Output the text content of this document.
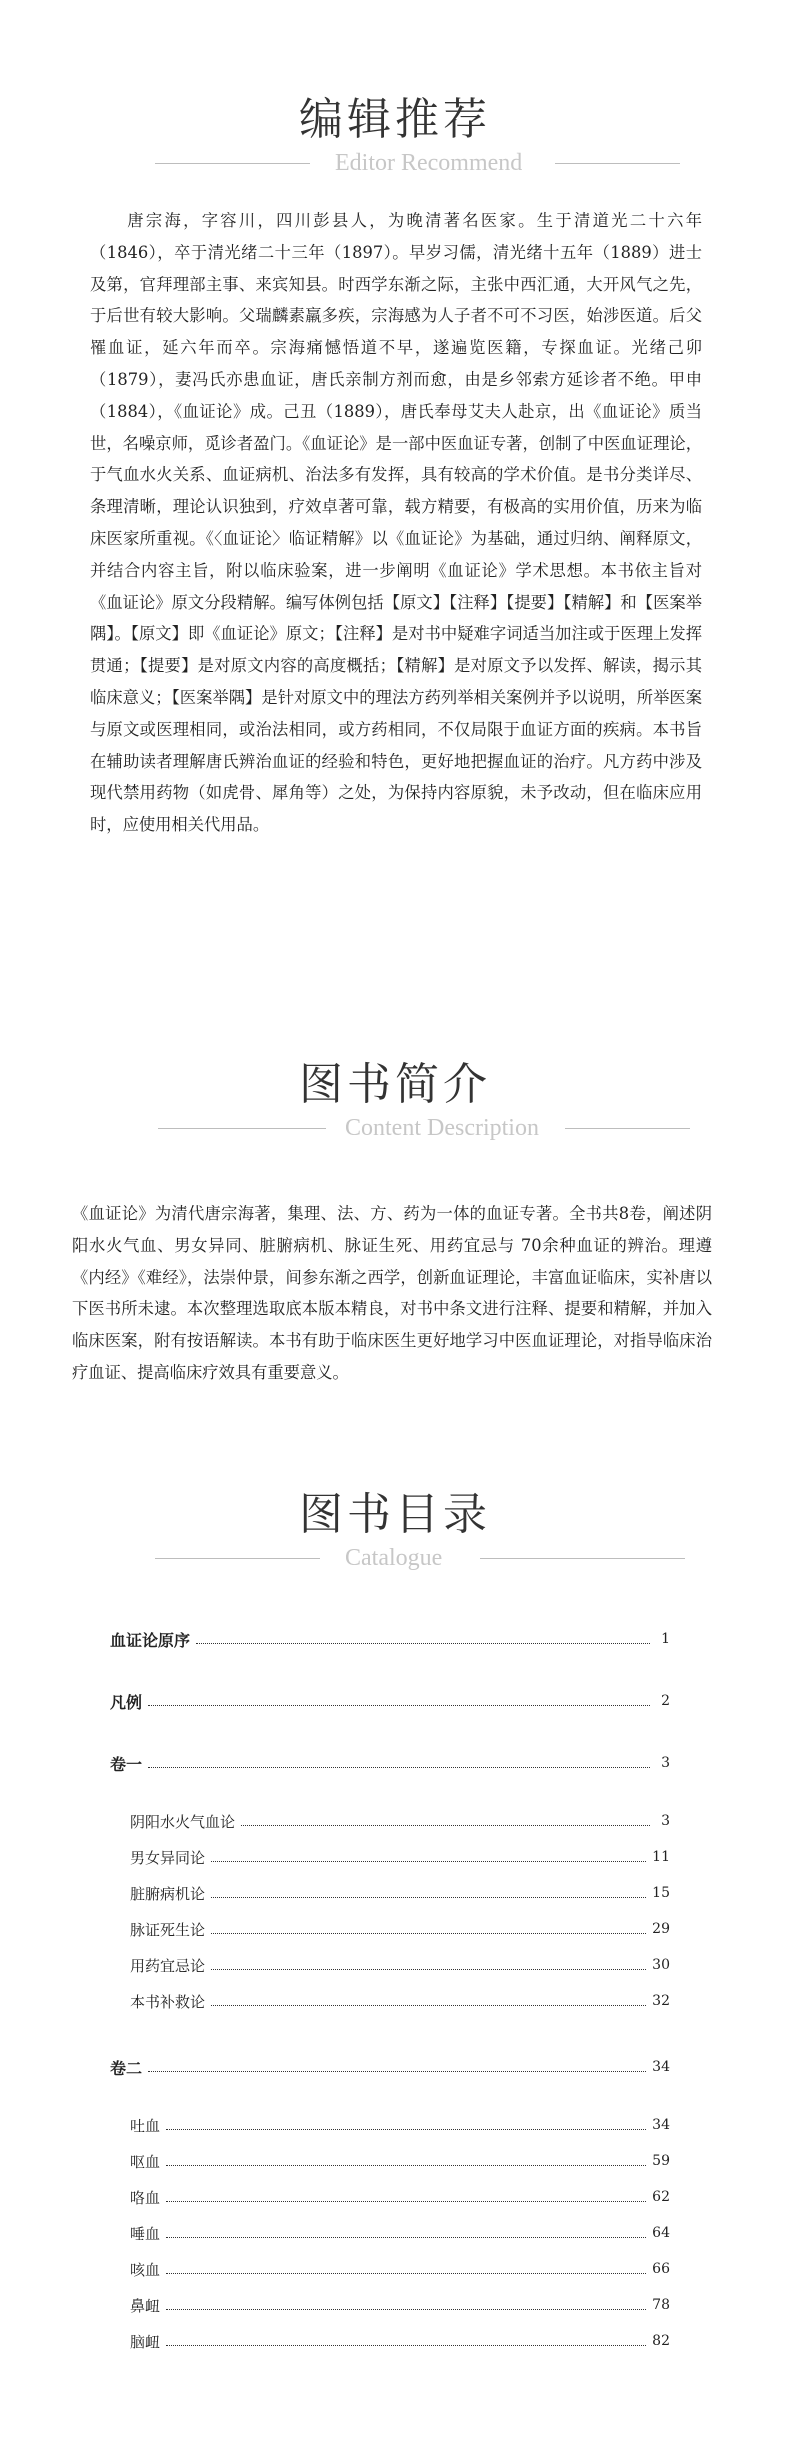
编辑推荐
Editor Recommend
　　唐宗海，字容川，四川彭县人，为晚清著名医家。生于清道光二十六年（1846），卒于清光绪二十三年（1897）。早岁习儒，清光绪十五年（1889）进士及第，官拜理部主事、来宾知县。时西学东渐之际，主张中西汇通，大开风气之先，于后世有较大影响。父瑞麟素羸多疾，宗海感为人子者不可不习医，始涉医道。后父罹血证，延六年而卒。宗海痛憾悟道不早，遂遍览医籍，专探血证。光绪己卯（1879），妻冯氏亦患血证，唐氏亲制方剂而愈，由是乡邻索方延诊者不绝。甲申（1884），《血证论》成。己丑（1889），唐氏奉母艾夫人赴京，出《血证论》质当世，名噪京师，觅诊者盈门。《血证论》是一部中医血证专著，创制了中医血证理论，于气血水火关系、血证病机、治法多有发挥，具有较高的学术价值。是书分类详尽、条理清晰，理论认识独到，疗效卓著可靠，载方精要，有极高的实用价值，历来为临床医家所重视。《〈血证论〉临证精解》以《血证论》为基础，通过归纳、阐释原文，并结合内容主旨，附以临床验案，进一步阐明《血证论》学术思想。本书依主旨对《血证论》原文分段精解。编写体例包括【原文】【注释】【提要】【精解】和【医案举隅】。【原文】即《血证论》原文；【注释】是对书中疑难字词适当加注或于医理上发挥贯通；【提要】是对原文内容的高度概括；【精解】是对原文予以发挥、解读，揭示其临床意义；【医案举隅】是针对原文中的理法方药列举相关案例并予以说明，所举医案与原文或医理相同，或治法相同，或方药相同，不仅局限于血证方面的疾病。本书旨在辅助读者理解唐氏辨治血证的经验和特色，更好地把握血证的治疗。凡方药中涉及现代禁用药物（如虎骨、犀角等）之处，为保持内容原貌，未予改动，但在临床应用时，应使用相关代用品。
图书简介
Content Description
《血证论》为清代唐宗海著，集理、法、方、药为一体的血证专著。全书共8卷，阐述阴阳水火气血、男女异同、脏腑病机、脉证生死、用药宜忌与 70余种血证的辨治。理遵《内经》《难经》，法崇仲景，间参东渐之西学，创新血证理论，丰富血证临床，实补唐以下医书所未逮。本次整理选取底本版本精良，对书中条文进行注释、提要和精解，并加入临床医案，附有按语解读。本书有助于临床医生更好地学习中医血证理论，对指导临床治疗血证、提高临床疗效具有重要意义。
图书目录
Catalogue
血证论原序	1
凡例	2
卷一	3
阴阳水火气血论	3
男女异同论	11
脏腑病机论	15
脉证死生论	29
用药宜忌论	30
本书补救论	32
卷二	34
吐血	34
呕血	59
咯血	62
唾血	64
咳血	66
鼻衄	78
脑衄	82
